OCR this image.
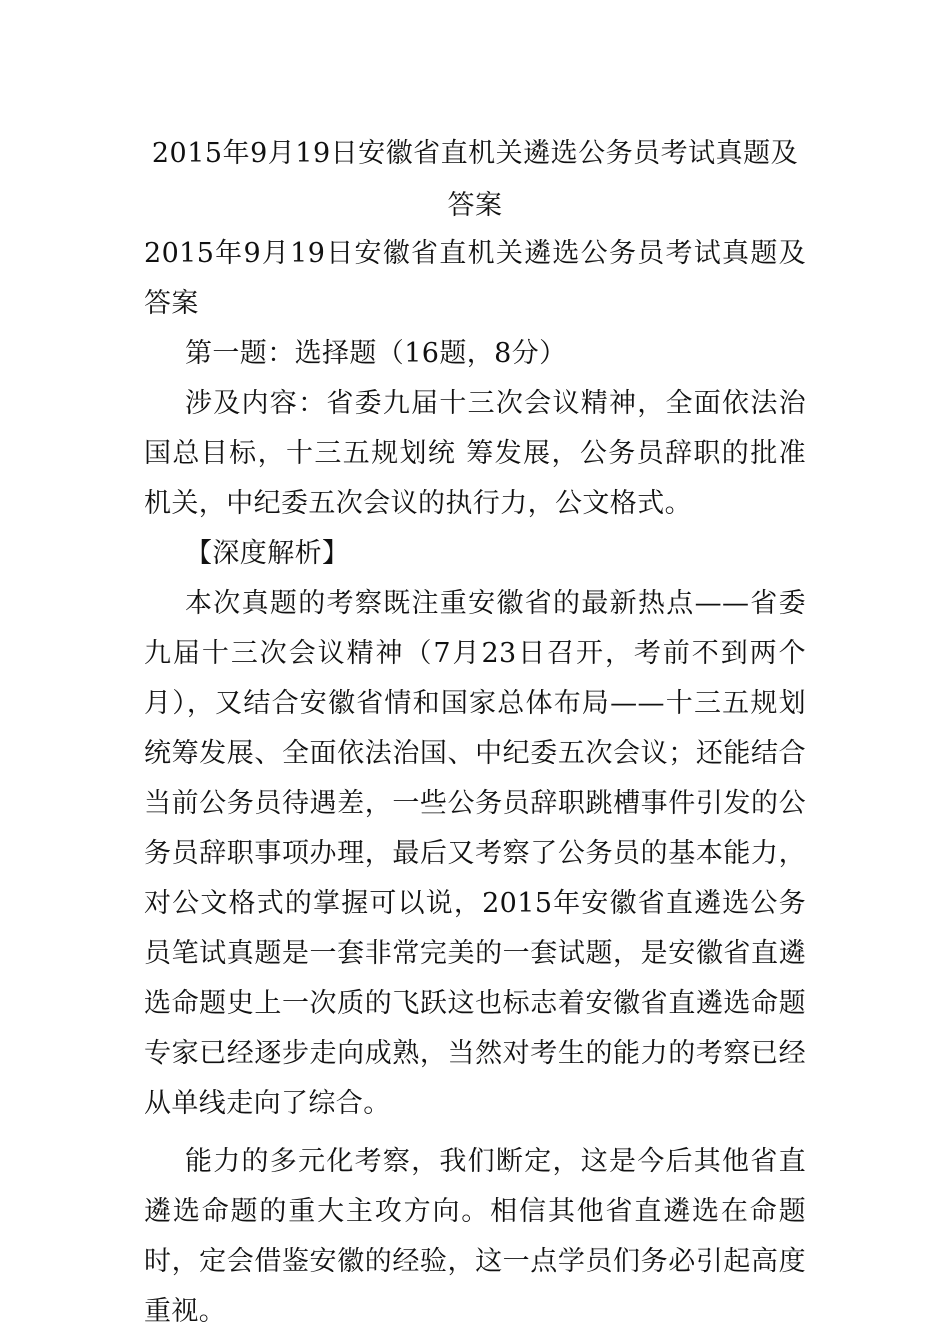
2015年9月19日安徽省直机关遴选公务员考试真题及答案

2015年9月19日安徽省直机关遴选公务员考试真题及答案

第一题：选择题（16题，8分）

涉及内容：省委九届十三次会议精神，全面依法治国总目标，十三五规划统 筹发展，公务员辞职的批准机关，中纪委五次会议的执行力，公文格式。

【深度解析】

本次真题的考察既注重安徽省的最新热点——省委九届十三次会议精神（7月23日召开，考前不到两个月），又结合安徽省情和国家总体布局——十三五规划统筹发展、全面依法治国、中纪委五次会议；还能结合当前公务员待遇差，一些公务员辞职跳槽事件引发的公务员辞职事项办理，最后又考察了公务员的基本能力，对公文格式的掌握可以说，2015年安徽省直遴选公务员笔试真题是一套非常完美的一套试题，是安徽省直遴选命题史上一次质的飞跃这也标志着安徽省直遴选命题专家已经逐步走向成熟，当然对考生的能力的考察已经从单线走向了综合。

能力的多元化考察，我们断定，这是今后其他省直遴选命题的重大主攻方向。相信其他省直遴选在命题时，定会借鉴安徽的经验，这一点学员们务必引起高度重视。
